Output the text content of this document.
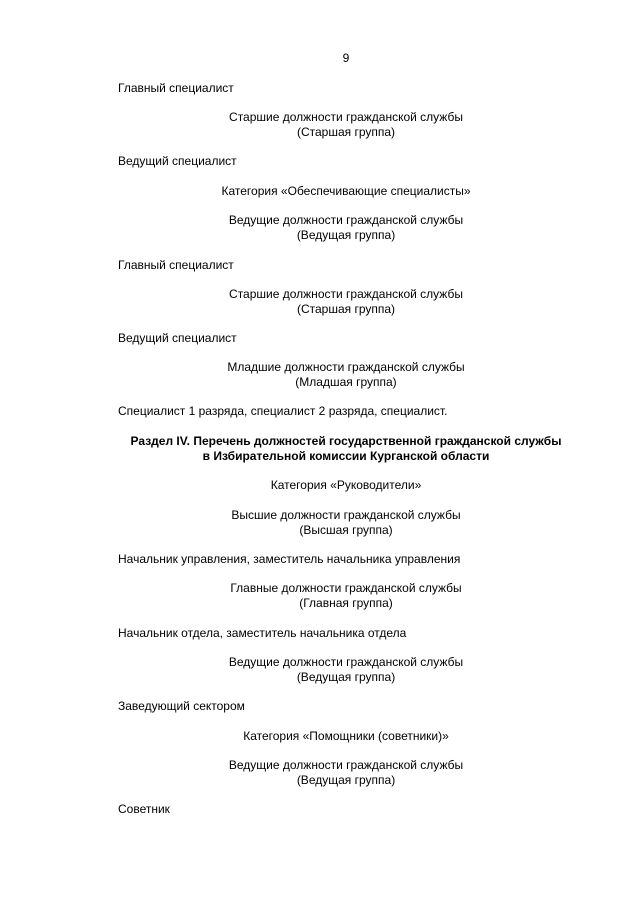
9
Главный специалист
Старшие должности гражданской службы
(Старшая группа)
Ведущий специалист
Категория «Обеспечивающие специалисты»
Ведущие должности гражданской службы
(Ведущая группа)
Главный специалист
Старшие должности гражданской службы
(Старшая группа)
Ведущий специалист
Младшие должности гражданской службы
(Младшая группа)
Специалист 1 разряда, специалист 2 разряда, специалист.
Раздел IV. Перечень должностей государственной гражданской службы
в Избирательной комиссии Курганской области
Категория «Руководители»
Высшие должности гражданской службы
(Высшая группа)
Начальник управления, заместитель начальника управления
Главные должности гражданской службы
(Главная группа)
Начальник отдела, заместитель начальника отдела
Ведущие должности гражданской службы
(Ведущая группа)
Заведующий сектором
Категория «Помощники (советники)»
Ведущие должности гражданской службы
(Ведущая группа)
Советник
